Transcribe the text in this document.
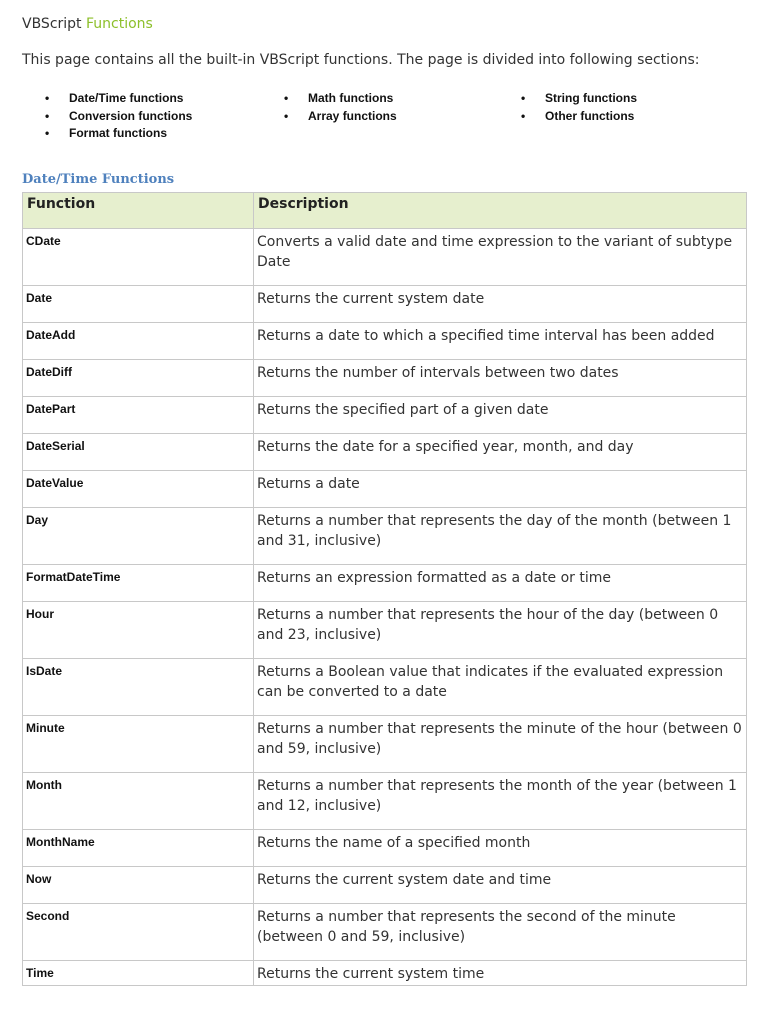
VBScript Functions
This page contains all the built-in VBScript functions. The page is divided into following sections:
• Date/Time functions
• Conversion functions
• Format functions
• Math functions
• Array functions
• String functions
• Other functions
Date/Time Functions
Function	Description
CDate	Converts a valid date and time expression to the variant of subtype Date
Date	Returns the current system date
DateAdd	Returns a date to which a specified time interval has been added
DateDiff	Returns the number of intervals between two dates
DatePart	Returns the specified part of a given date
DateSerial	Returns the date for a specified year, month, and day
DateValue	Returns a date
Day	Returns a number that represents the day of the month (between 1 and 31, inclusive)
FormatDateTime	Returns an expression formatted as a date or time
Hour	Returns a number that represents the hour of the day (between 0 and 23, inclusive)
IsDate	Returns a Boolean value that indicates if the evaluated expression can be converted to a date
Minute	Returns a number that represents the minute of the hour (between 0 and 59, inclusive)
Month	Returns a number that represents the month of the year (between 1 and 12, inclusive)
MonthName	Returns the name of a specified month
Now	Returns the current system date and time
Second	Returns a number that represents the second of the minute (between 0 and 59, inclusive)
Time	Returns the current system time
